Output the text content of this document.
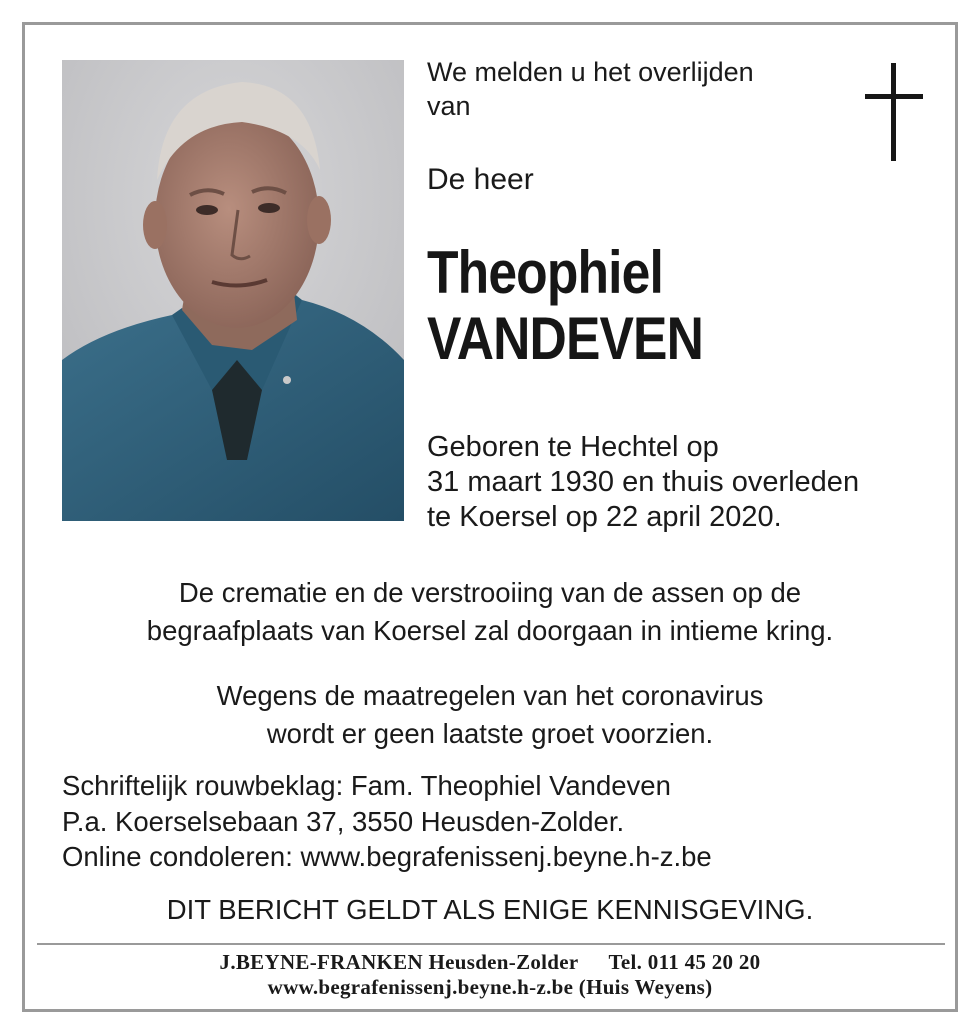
We melden u het overlijden
van
De heer
Theophiel
VANDEVEN
Geboren te Hechtel op
31 maart 1930 en thuis overleden
te Koersel op 22 april 2020.
De crematie en de verstrooiing van de assen op de
begraafplaats van Koersel zal doorgaan in intieme kring.
Wegens de maatregelen van het coronavirus
wordt er geen laatste groet voorzien.
Schriftelijk rouwbeklag: Fam. Theophiel Vandeven
P.a. Koerselsebaan 37, 3550 Heusden-Zolder.
Online condoleren: www.begrafenissenj.beyne.h-z.be
DIT BERICHT GELDT ALS ENIGE KENNISGEVING.
J.BEYNE-FRANKEN Heusden-Zolder Tel. 011 45 20 20
www.begrafenissenj.beyne.h-z.be (Huis Weyens)
